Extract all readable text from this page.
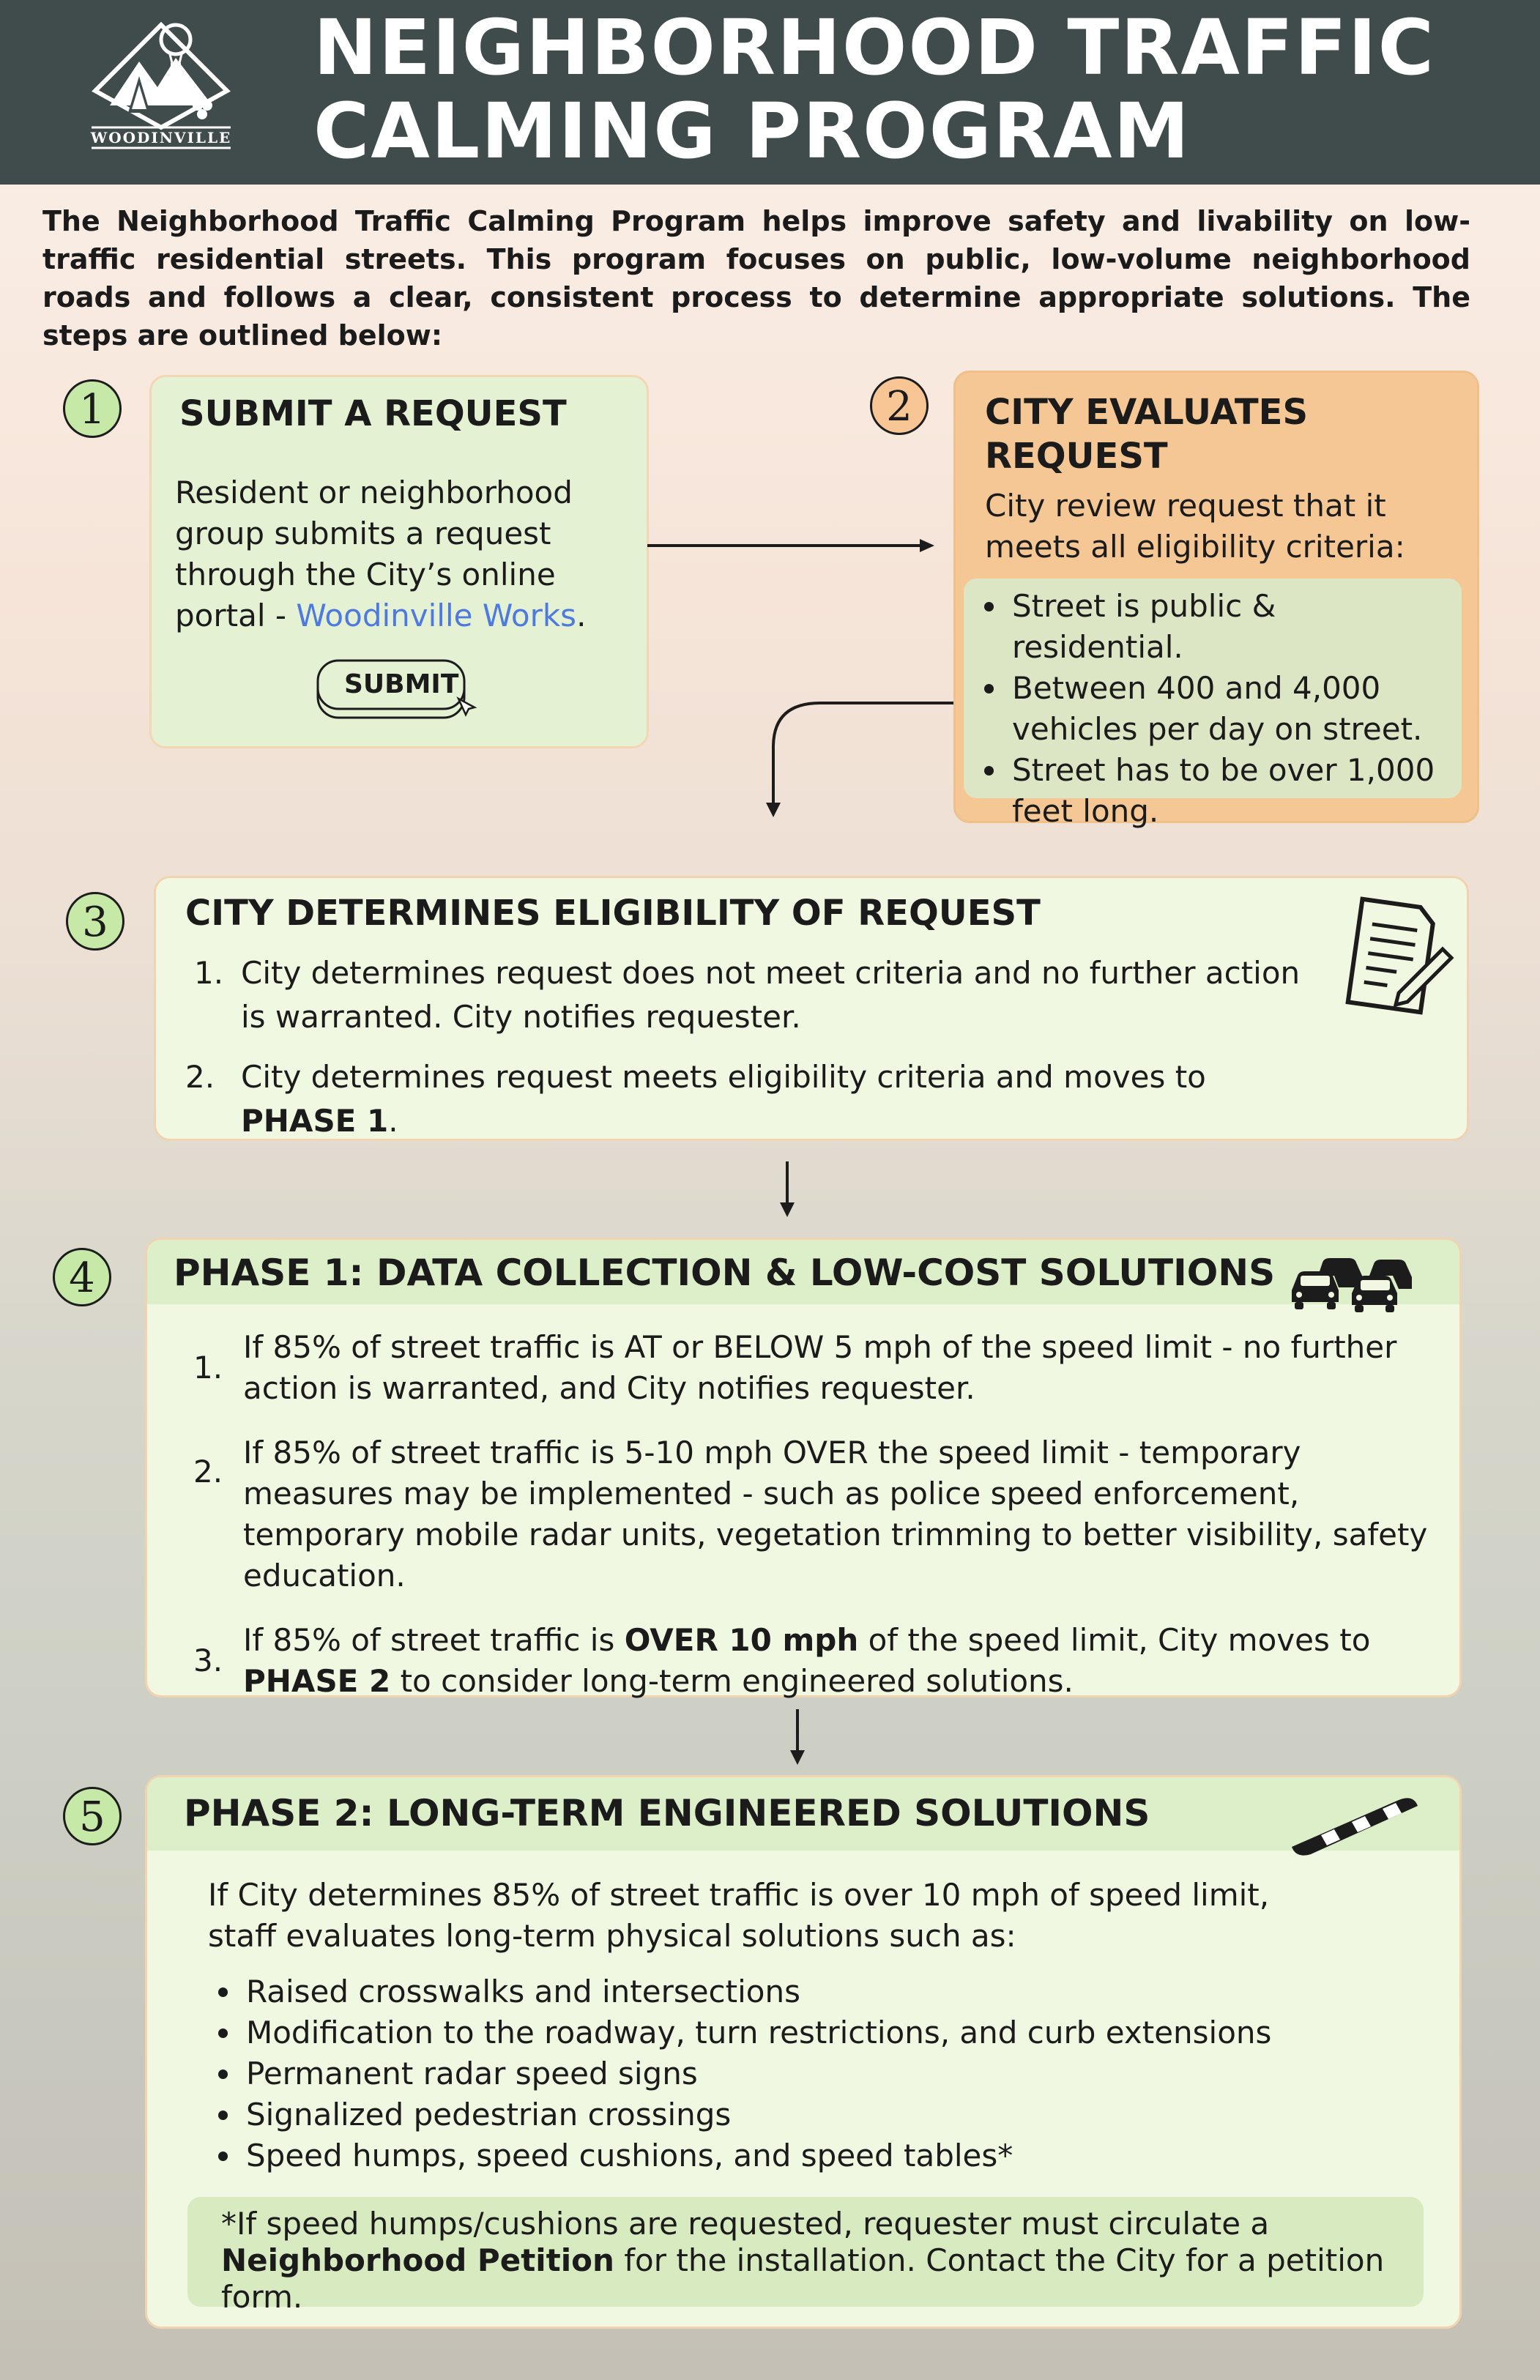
WOODINVILLE
NEIGHBORHOOD TRAFFIC
CALMING PROGRAM
The Neighborhood Traffic Calming Program helps improve safety and livability on low-traffic residential streets. This program focuses on public, low-volume neighborhood roads and follows a clear, consistent process to determine appropriate solutions. The steps are outlined below:
1	SUBMIT A REQUEST
Resident or neighborhood group submits a request through the City’s online portal - Woodinville Works.
SUBMIT
2	CITY EVALUATES REQUEST
City review request that it meets all eligibility criteria:
Street is public & residential.
Between 400 and 4,000 vehicles per day on street.
Street has to be over 1,000 feet long.
3	CITY DETERMINES ELIGIBILITY OF REQUEST
1. City determines request does not meet criteria and no further action is warranted. City notifies requester.
2. City determines request meets eligibility criteria and moves to PHASE 1.
4	PHASE 1: DATA COLLECTION & LOW-COST SOLUTIONS
1.
If 85% of street traffic is AT or BELOW 5 mph of the speed limit - no further action is warranted, and City notifies requester.
2.
If 85% of street traffic is 5-10 mph OVER the speed limit - temporary measures may be implemented - such as police speed enforcement, temporary mobile radar units, vegetation trimming to better visibility, safety education.
3.
If 85% of street traffic is OVER 10 mph of the speed limit, City moves to PHASE 2 to consider long-term engineered solutions.
5	PHASE 2: LONG-TERM ENGINEERED SOLUTIONS
If City determines 85% of street traffic is over 10 mph of speed limit, staff evaluates long-term physical solutions such as:
Raised crosswalks and intersections
Modification to the roadway, turn restrictions, and curb extensions
Permanent radar speed signs
Signalized pedestrian crossings
Speed humps, speed cushions, and speed tables*
*If speed humps/cushions are requested, requester must circulate a Neighborhood Petition for the installation. Contact the City for a petition form.
